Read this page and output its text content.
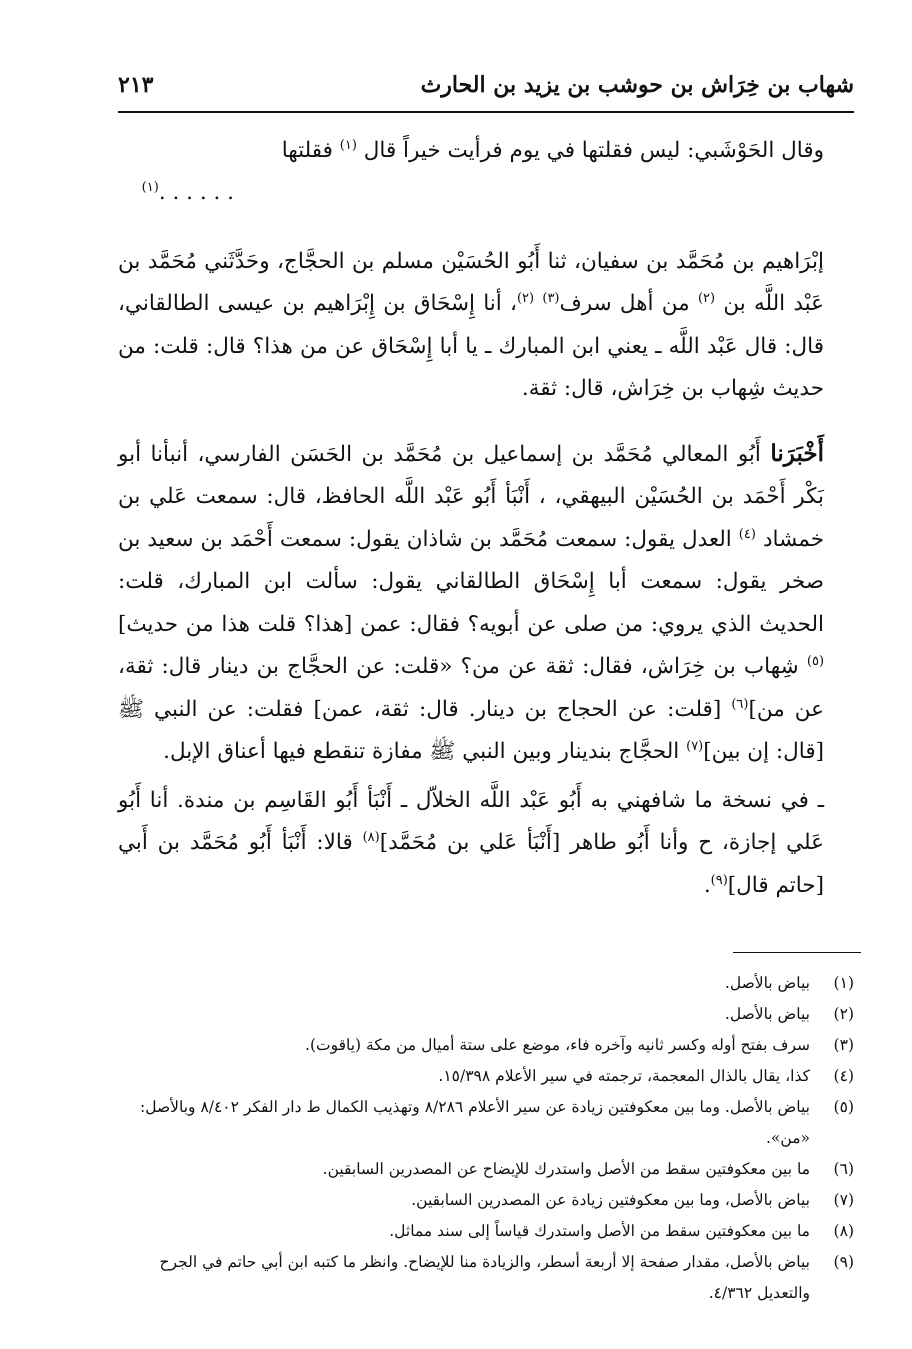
شهاب بن خِرَاش بن حوشب بن يزيد بن الحارث
٢١٣

وقال الحَوْشَبي: ليس فقلتها في يوم فرأيت خيراً قال $^{(١)}$ فقلتها
. . . . . .$^{(١)}$

إبْرَاهيم بن مُحَمَّد بن سفيان، ثنا أَبُو الحُسَيْن مسلم بن الحجَّاج، وحَدَّثَني مُحَمَّد بن عَبْد اللَّه بن $^{(٢)}$ من أهل سرف$^{(٣)}$ $^{(٢)}$، أنا إِسْحَاق بن إِبْرَاهيم بن عيسى الطالقاني، قال: قال عَبْد اللَّه ـ يعني ابن المبارك ـ يا أبا إِسْحَاق عن من هذا؟ قال: قلت: من حديث شِهاب بن خِرَاش، قال: ثقة.

أَخْبَرَنا أَبُو المعالي مُحَمَّد بن إسماعيل بن مُحَمَّد بن الحَسَن الفارسي، أنبأنا أبو بَكْر أَحْمَد بن الحُسَيْن البيهقي، ، أَنْبَأ أَبُو عَبْد اللَّه الحافظ، قال: سمعت عَلي بن خمشاد $^{(٤)}$ العدل يقول: سمعت مُحَمَّد بن شاذان يقول: سمعت أَحْمَد بن سعيد بن صخر يقول: سمعت أبا إِسْحَاق الطالقاني يقول: سألت ابن المبارك، قلت: الحديث الذي يروي: من صلى عن أبويه؟ فقال: عمن [هذا؟ قلت هذا من حديث]$^{(٥)}$ شِهاب بن خِرَاش، فقال: ثقة عن من؟ «قلت: عن الحجَّاج بن دينار قال: ثقة، عن من]$^{(٦)}$ [قلت: عن الحجاج بن دينار. قال: ثقة، عمن] فقلت: عن النبي ﷺ [قال: إن بين]$^{(٧)}$ الحجَّاج بندينار وبين النبي ﷺ مفازة تنقطع فيها أعناق الإبل.

ـ في نسخة ما شافهني به أَبُو عَبْد اللَّه الخلاّل ـ أَنْبَأ أَبُو القَاسِم بن مندة. أنا أَبُو عَلي إجازة، ح وأنا أَبُو طاهر [أَنْبَأ عَلي بن مُحَمَّد]$^{(٨)}$ قالا: أَنْبَأ أَبُو مُحَمَّد بن أَبي [حاتم قال]$^{(٩)}$.

(١)
بياض بالأصل.
(٢)
بياض بالأصل.
(٣)
سرف بفتح أوله وكسر ثانيه وآخره فاء، موضع على ستة أميال من مكة (ياقوت).
(٤)
كذا، يقال بالذال المعجمة، ترجمته في سير الأعلام ١٥/٣٩٨.
(٥)
بياض بالأصل. وما بين معكوفتين زيادة عن سير الأعلام ٨/٢٨٦ وتهذيب الكمال ط دار الفكر ٨/٤٠٢ وبالأصل: «من».
(٦)
ما بين معكوفتين سقط من الأصل واستدرك للإيضاح عن المصدرين السابقين.
(٧)
بياض بالأصل، وما بين معكوفتين زيادة عن المصدرين السابقين.
(٨)
ما بين معكوفتين سقط من الأصل واستدرك قياساً إلى سند مماثل.
(٩)
بياض بالأصل، مقدار صفحة إلا أربعة أسطر، والزيادة منا للإيضاح. وانظر ما كتبه ابن أبي حاتم في الجرح والتعديل ٤/٣٦٢.
